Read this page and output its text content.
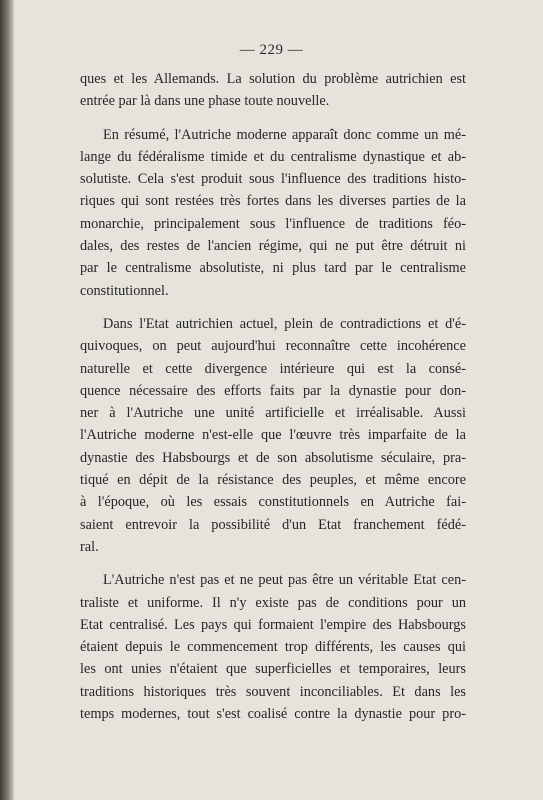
— 229 —
ques et les Allemands. La solution du problème autrichien est
entrée par là dans une phase toute nouvelle.
En résumé, l'Autriche moderne apparaît donc comme un mé-
lange du fédéralisme timide et du centralisme dynastique et ab-
solutiste. Cela s'est produit sous l'influence des traditions histo-
riques qui sont restées très fortes dans les diverses parties de la
monarchie, principalement sous l'influence de traditions féo-
dales, des restes de l'ancien régime, qui ne put être détruit ni
par le centralisme absolutiste, ni plus tard par le centralisme
constitutionnel.
Dans l'Etat autrichien actuel, plein de contradictions et d'é-
quivoques, on peut aujourd'hui reconnaître cette incohérence
naturelle et cette divergence intérieure qui est la consé-
quence nécessaire des efforts faits par la dynastie pour don-
ner à l'Autriche une unité artificielle et irréalisable. Aussi
l'Autriche moderne n'est-elle que l'œuvre très imparfaite de la
dynastie des Habsbourgs et de son absolutisme séculaire, pra-
tiqué en dépit de la résistance des peuples, et même encore
à l'époque, où les essais constitutionnels en Autriche fai-
saient entrevoir la possibilité d'un Etat franchement fédé-
ral.
L'Autriche n'est pas et ne peut pas être un véritable Etat cen-
traliste et uniforme. Il n'y existe pas de conditions pour un
Etat centralisé. Les pays qui formaient l'empire des Habsbourgs
étaient depuis le commencement trop différents, les causes qui
les ont unies n'étaient que superficielles et temporaires, leurs
traditions historiques très souvent inconciliables. Et dans les
temps modernes, tout s'est coalisé contre la dynastie pour pro-
